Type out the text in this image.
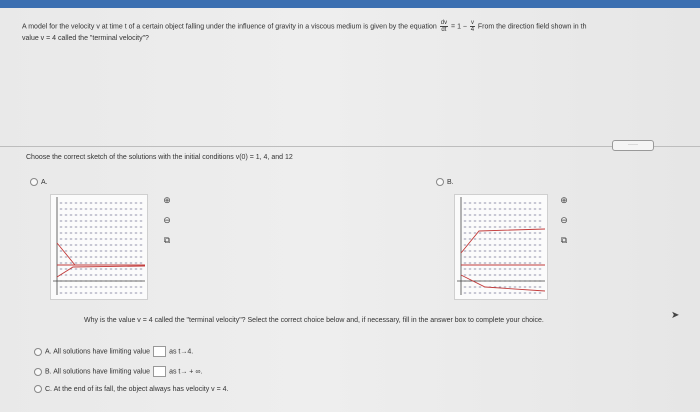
A model for the velocity v at time t of a certain object falling under the influence of gravity in a viscous medium is given by the equation $\frac{dv}{dt} = 1 - \frac{v}{4}$ From the direction field shown in th
value v = 4 called the "terminal velocity"?
·····
Choose the correct sketch of the solutions with the initial conditions v(0) = 1, 4, and 12
A.
⊕
⊖
⧉
B.
⊕
⊖
⧉
Why is the value v = 4 called the "terminal velocity"? Select the correct choice below and, if necessary, fill in the answer box to complete your choice.
A. All solutions have limiting value	as t→4.
B. All solutions have limiting value	as t→ + ∞.
C. At the end of its fall, the object always has velocity v = 4.
➤
